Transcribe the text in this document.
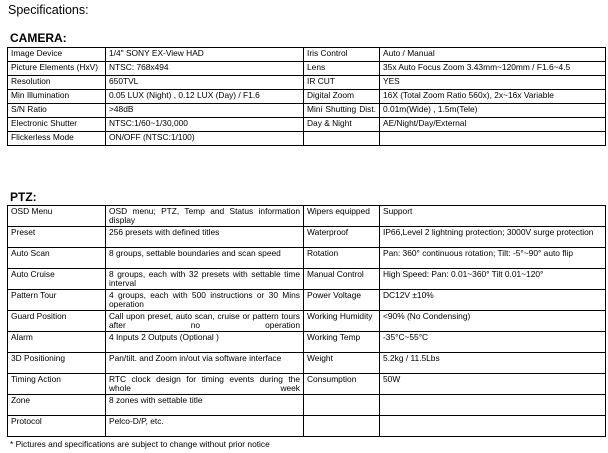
Specifications:
CAMERA:
Image Device	1/4" SONY EX-View HAD	Iris Control	Auto / Manual
Picture Elements (HxV)	NTSC: 768x494	Lens	35x Auto Focus Zoom 3.43mm~120mm / F1.6~4.5
Resolution	650TVL	IR CUT	YES
Min Illumination	0.05 LUX (Night) , 0.12 LUX (Day) / F1.6	Digital Zoom	16X (Total Zoom Ratio 560x), 2x~16x Variable
S/N Ratio	>48dB	Mini Shutting Dist.	0.01m(Wide) , 1.5m(Tele)
Electronic Shutter	NTSC:1/60~1/30,000	Day & Night	AE/Night/Day/External
Flickerless Mode	ON/OFF (NTSC:1/100)		
PTZ:
OSD Menu	OSD menu; PTZ, Temp and Status information display	Wipers equipped	Support
Preset	256 presets with defined titles	Waterproof	IP66,Level 2 lightning protection; 3000V surge protection
Auto Scan	8 groups, settable boundaries and scan speed	Rotation	Pan: 360° continuous rotation; Tilt: -5°~90° auto flip
Auto Cruise	8 groups, each with 32 presets with settable time interval	Manual Control	High Speed: Pan: 0.01~360° Tilt 0.01~120°
Pattern Tour	4 groups, each with 500 instructions or 30 Mins operation	Power Voltage	DC12V ±10%
Guard Position	Call upon preset, auto scan, cruise or pattern tours after no operation	Working Humidity	<90% (No Condensing)
Alarm	4 Inputs 2 Outputs (Optional )	Working Temp	-35°C~55°C
3D Positioning	Pan/tilt. and Zoom in/out via software interface	Weight	5.2kg / 11.5Lbs
Timing Action	RTC clock design for timing events during the whole week	Consumption	50W
Zone	8 zones with settable title		
Protocol	Pelco-D/P, etc.		
* Pictures and specifications are subject to change without prior notice
